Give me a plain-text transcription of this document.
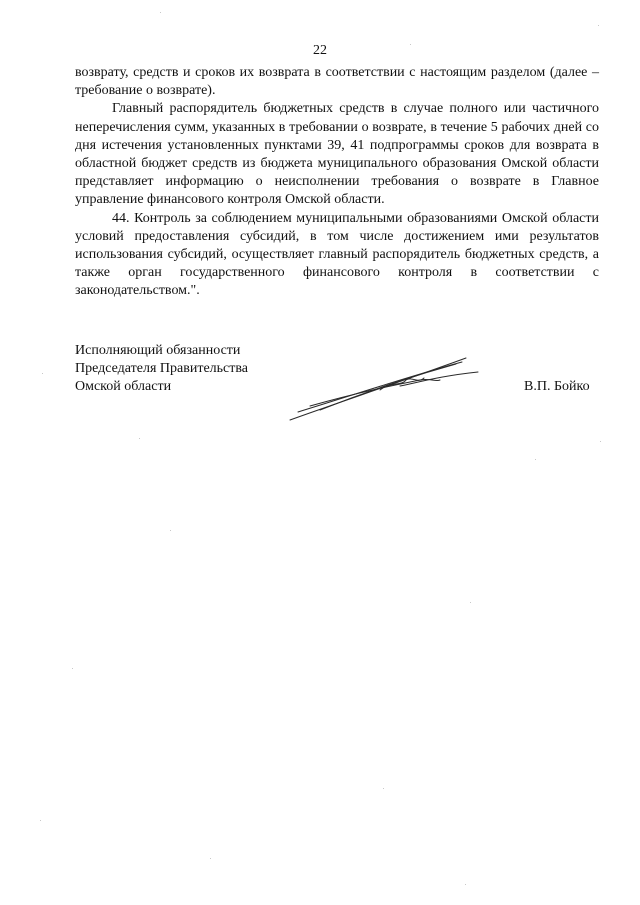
22

возврату, средств и сроков их возврата в соответствии с настоящим разделом (далее – требование о возврате).

Главный распорядитель бюджетных средств в случае полного или частичного неперечисления сумм, указанных в требовании о возврате, в течение 5 рабочих дней со дня истечения установленных пунктами 39, 41 подпрограммы сроков для возврата в областной бюджет средств из бюджета муниципального образования Омской области представляет информацию о неисполнении требования о возврате в Главное управление финансового контроля Омской области.

44. Контроль за соблюдением муниципальными образованиями Омской области условий предоставления субсидий, в том числе достижением ими результатов использования субсидий, осуществляет главный распорядитель бюджетных средств, а также орган государственного финансового контроля в соответствии с законодательством.".

Исполняющий обязанности
Председателя Правительства
Омской области	В.П. Бойко
